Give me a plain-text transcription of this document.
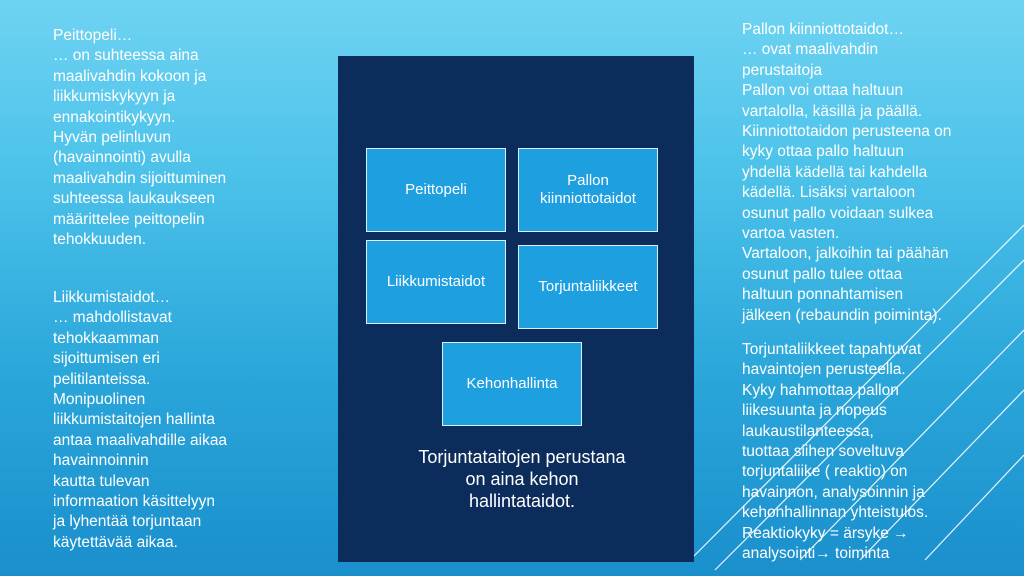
Peittopeli…
… on suhteessa aina
maalivahdin kokoon ja
liikkumiskykyyn ja
ennakointikykyyn.
Hyvän pelinluvun
(havainnointi) avulla
maalivahdin sijoittuminen
suhteessa laukaukseen
määrittelee peittopelin
tehokkuuden.
Liikkumistaidot…
… mahdollistavat
tehokkaamman
sijoittumisen eri
pelitilanteissa.
Monipuolinen
liikkumistaitojen hallinta
antaa maalivahdille aikaa
havainnoinnin
kautta tulevan
informaation käsittelyyn
ja lyhentää torjuntaan
käytettävää aikaa.
Peittopeli
Pallon kiinniottotaidot
Liikkumistaidot	Torjuntaliikkeet
Kehonhallinta
Torjuntataitojen perustana
on aina kehon
hallintataidot.
Pallon kiinniottotaidot…
… ovat maalivahdin
perustaitoja
Pallon voi ottaa haltuun
vartalolla, käsillä ja päällä.
Kiinniottotaidon perusteena on
kyky ottaa pallo haltuun
yhdellä kädellä tai kahdella
kädellä. Lisäksi vartaloon
osunut pallo voidaan sulkea
vartoa vasten.
Vartaloon, jalkoihin tai päähän
osunut pallo tulee ottaa
haltuun ponnahtamisen
jälkeen (rebaundin poiminta).
Torjuntaliikkeet tapahtuvat
havaintojen perusteella.
Kyky hahmottaa pallon
liikesuunta ja nopeus
laukaustilanteessa,
tuottaa siihen soveltuva
torjuntaliike ( reaktio) on
havainnon, analysoinnin ja
kehonhallinnan yhteistulos.
Reaktiokyky = ärsyke →
analysointi→ toiminta
